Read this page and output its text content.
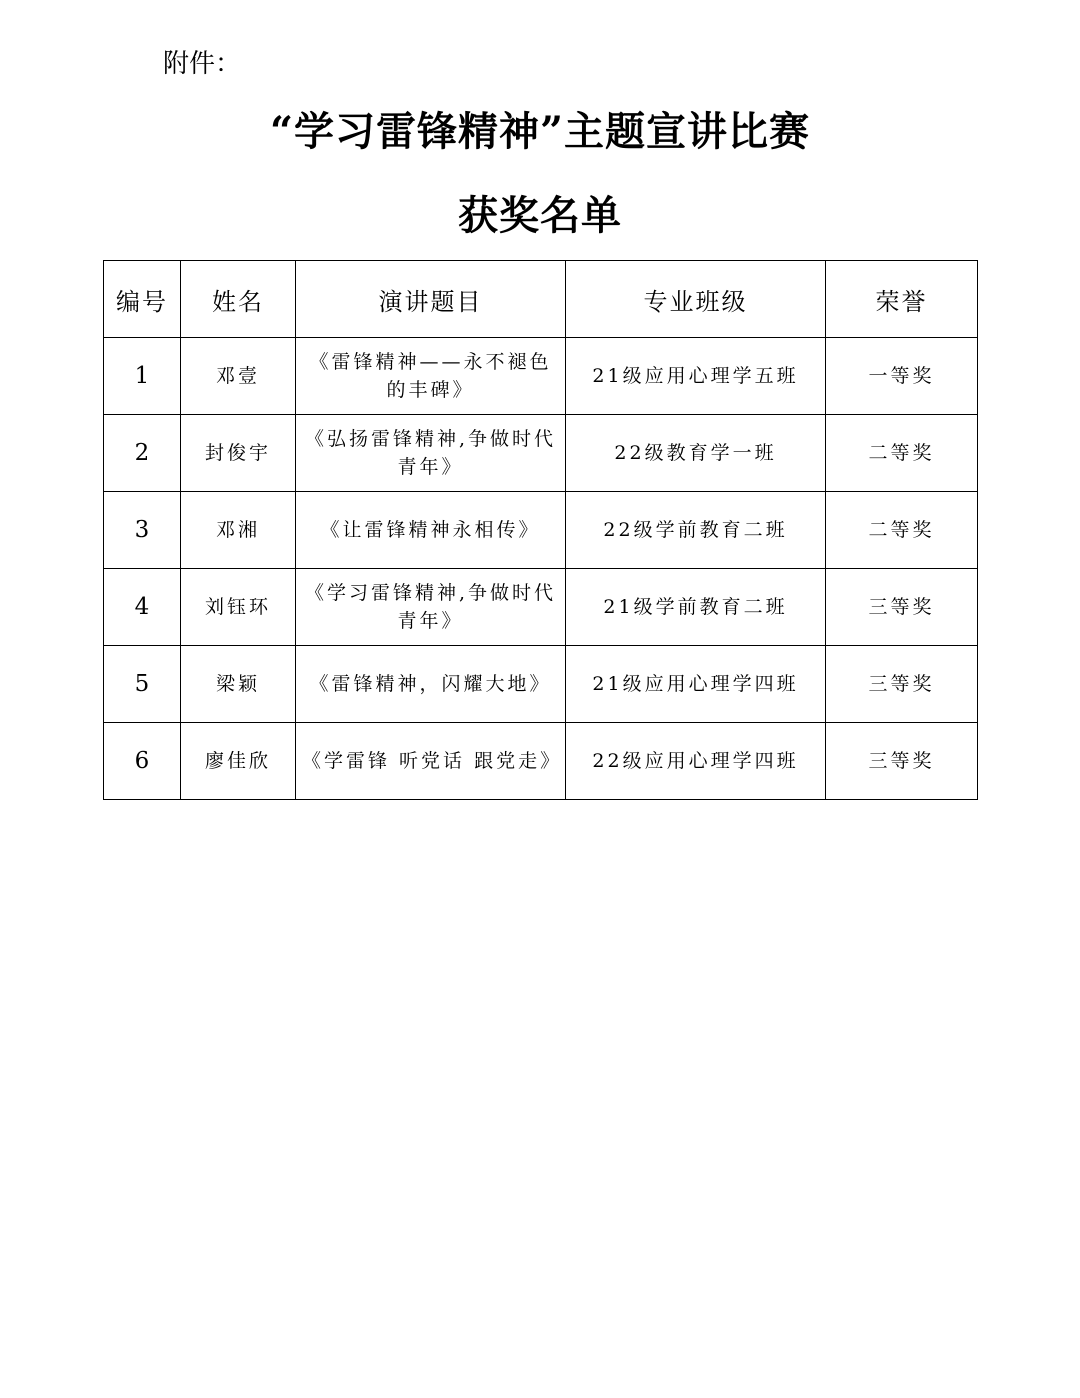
附件：
“学习雷锋精神”主题宣讲比赛
获奖名单
编号	姓名	演讲题目	专业班级	荣誉
1	邓壹	《雷锋精神——永不褪色的丰碑》	21级应用心理学五班	一等奖
2	封俊宇	《弘扬雷锋精神,争做时代青年》	22级教育学一班	二等奖
3	邓湘	《让雷锋精神永相传》	22级学前教育二班	二等奖
4	刘钰环	《学习雷锋精神,争做时代青年》	21级学前教育二班	三等奖
5	梁颖	《雷锋精神，闪耀大地》	21级应用心理学四班	三等奖
6	廖佳欣	《学雷锋 听党话 跟党走》	22级应用心理学四班	三等奖
